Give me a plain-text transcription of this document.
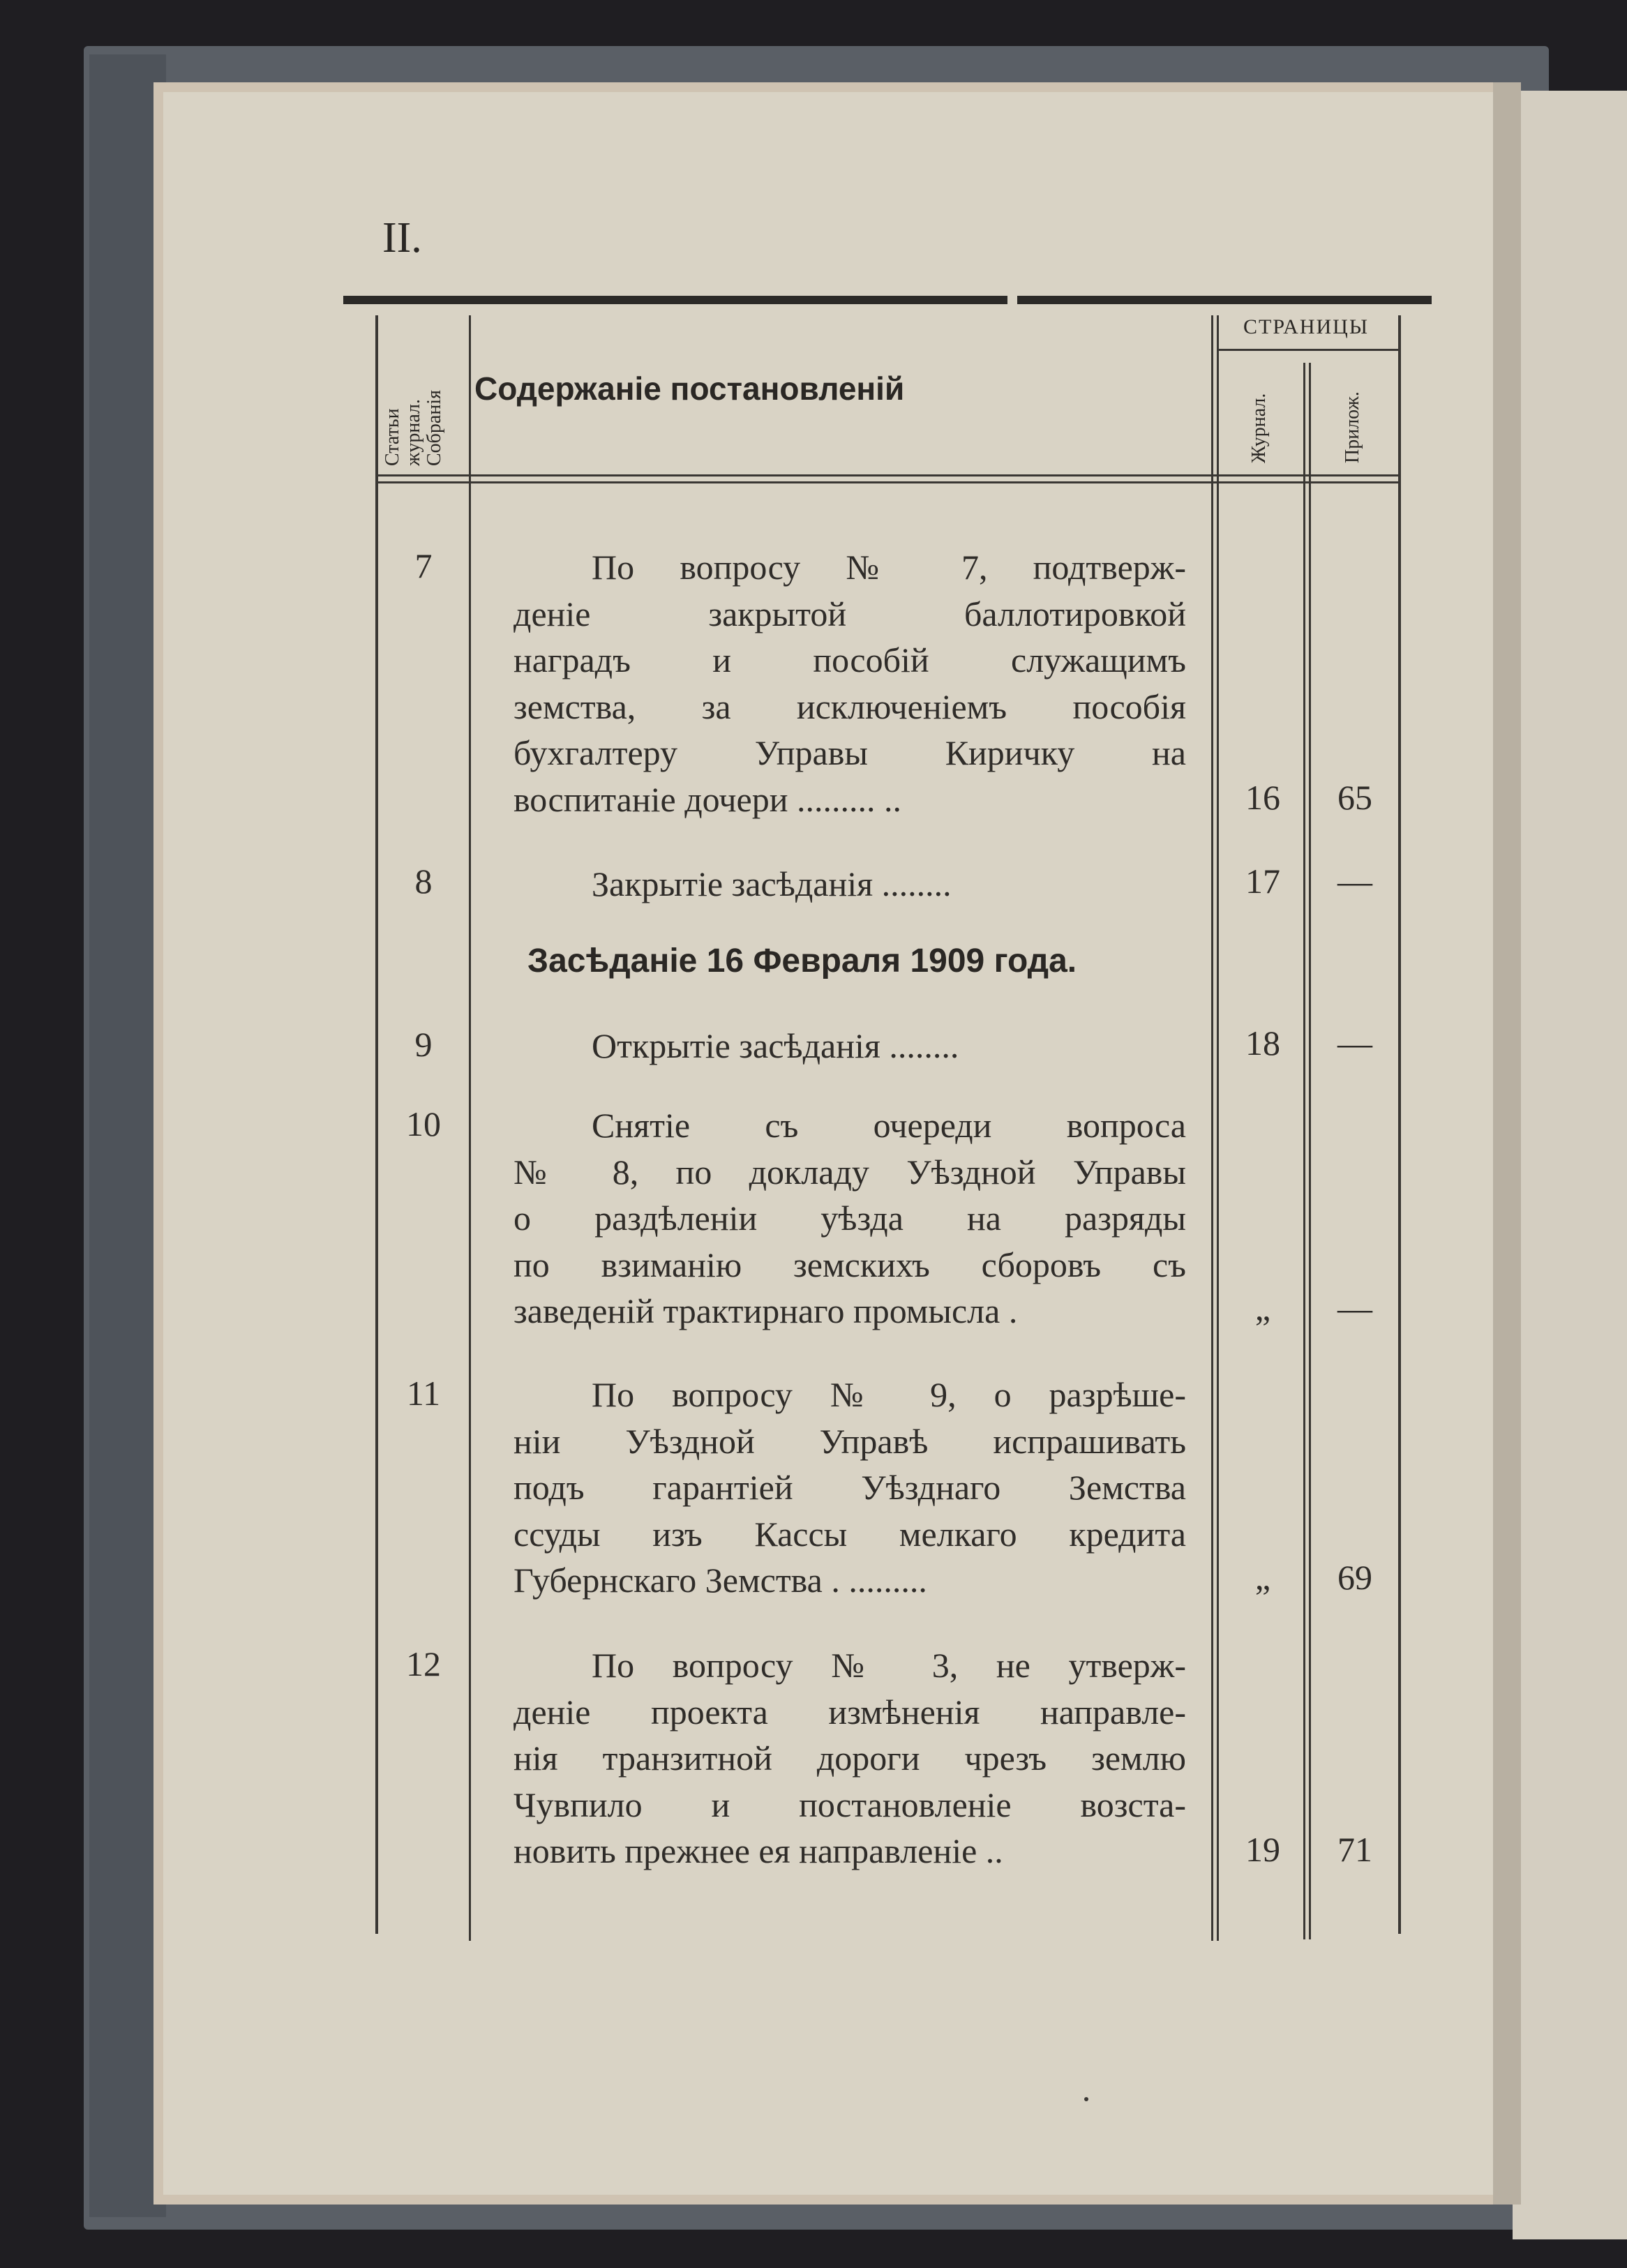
II.
Статьи журнал. Собранія
Содержаніе постановленій
СТРАНИЦЫ
Журнал.	Прилож.
7	По вопросу № 7, подтверж-
деніе закрытой баллотировкой
наградъ и пособій служащимъ
земства, за исключеніемъ пособія
бухгалтеру Управы Киричку на
воспитаніе дочери ......... ..	16	65
8	Закрытіе засѣданія ........	17	—
Засѣданіе 16 Февраля 1909 года.
9	Открытіе засѣданія ........	18	—
10	Снятіе съ очереди вопроса
№ 8, по докладу Уѣздной Управы
о раздѣленіи уѣзда на разряды
по взиманію земскихъ сборовъ съ
заведеній трактирнаго промысла .	„	—
11	По вопросу № 9, о разрѣше-
ніи Уѣздной Управѣ испрашивать
подъ гарантіей Уѣзднаго Земства
ссуды изъ Кассы мелкаго кредита
Губернскаго Земства . .........	„	69
12	По вопросу № 3, не утверж-
деніе проекта измѣненія направле-
нія транзитной дороги чрезъ землю
Чувпило и постановленіе возста-
новить прежнее ея направленіе ..	19	71
